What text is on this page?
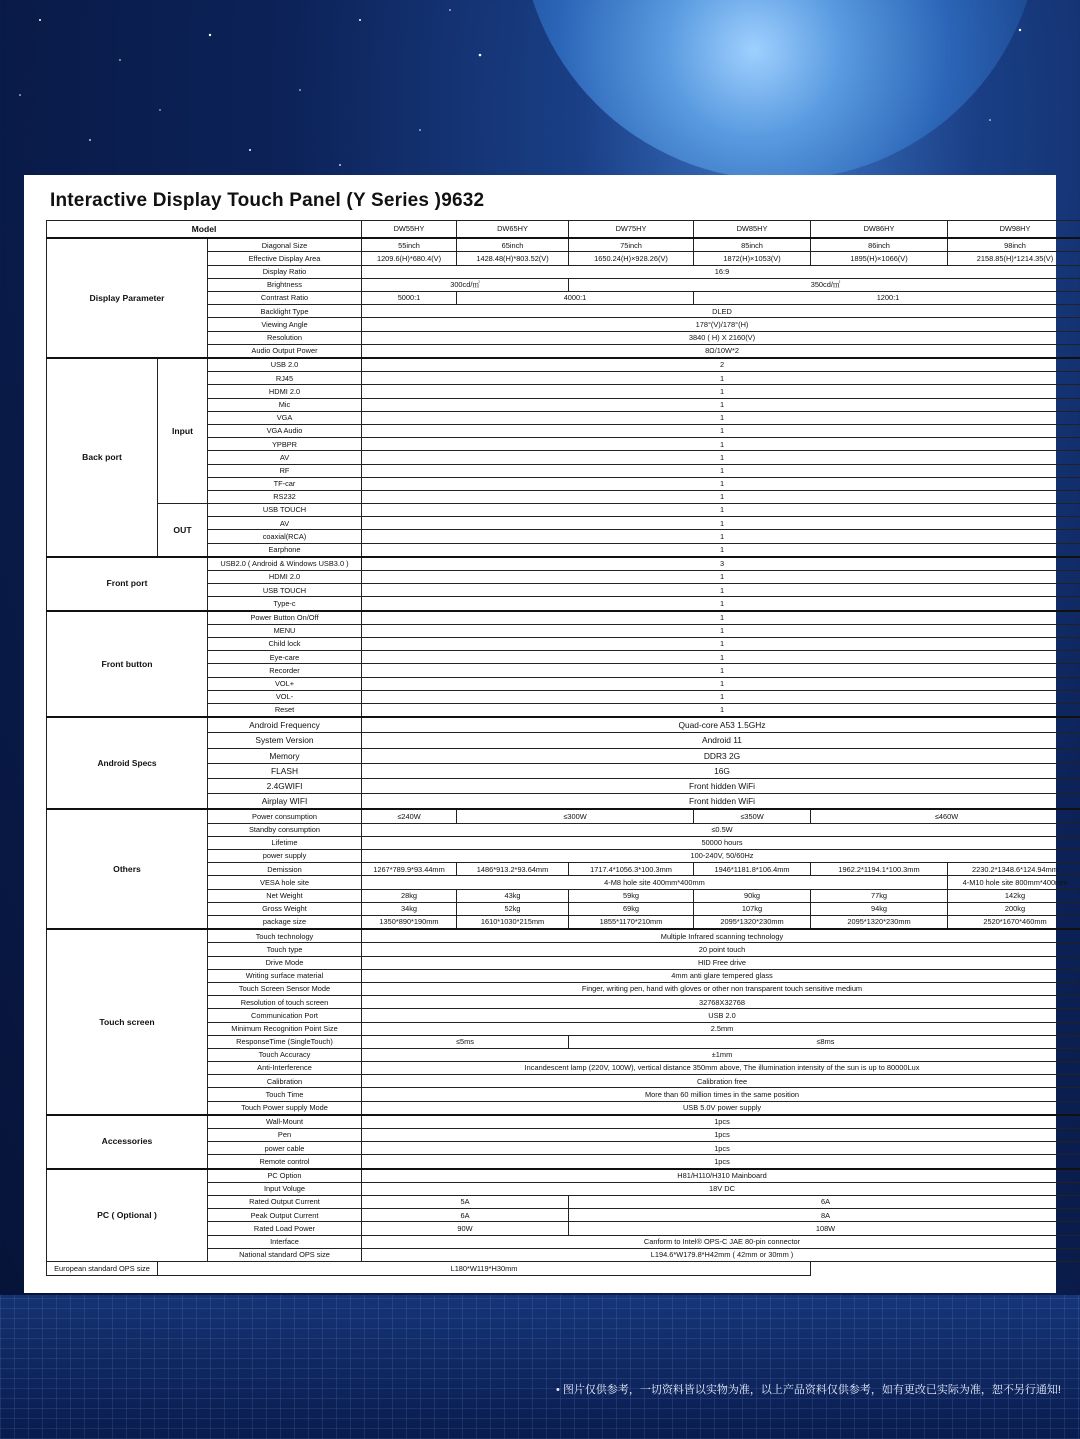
Interactive Display Touch Panel (Y Series )9632
Model			DW55HY	DW65HY	DW75HY	DW85HY	DW86HY	DW98HY
Display Parameter		Diagonal Size	55inch	65inch	75inch	85inch	86inch	98inch
		Effective Display Area	1209.6(H)*680.4(V)	1428.48(H)*803.52(V)	1650.24(H)×928.26(V)	1872(H)×1053(V)	1895(H)×1066(V)	2158.85(H)*1214.35(V)
		Display Ratio	16:9					
		Brightness	300cd/㎡		350cd/㎡			
		Contrast Ratio	5000:1	4000:1		1200:1		
		Backlight Type	DLED					
		Viewing Angle	178°(V)/178°(H)					
		Resolution	3840 ( H) X 2160(V)					
		Audio Output Power	8Ω/10W*2					
Back port	Input	USB 2.0	2					
		RJ45	1					
		HDMI 2.0	1					
		Mic	1					
		VGA	1					
		VGA Audio	1					
		YPBPR	1					
		AV	1					
		RF	1					
		TF-car	1					
		RS232	1					
	OUT	USB TOUCH	1					
		AV	1					
		coaxial(RCA)	1					
		Earphone	1					
Front port		USB2.0 ( Android & Windows USB3.0 )	3					
		HDMI 2.0	1					
		USB TOUCH	1					
		Type-c	1					
Front button		Power Button On/Off	1					
		MENU	1					
		Child lock	1					
		Eye-care	1					
		Recorder	1					
		VOL+	1					
		VOL-	1					
		Reset	1					
Android Specs		Android Frequency	Quad-core A53 1.5GHz					
		System Version	Android 11					
		Memory	DDR3 2G					
		FLASH	16G					
		2.4GWIFI	Front hidden WiFi					
		Airplay WIFI	Front hidden WiFi					
Others		Power consumption	≤240W	≤300W		≤350W	≤460W	
		Standby consumption	≤0.5W					
		Lifetime	50000 hours					
		power supply	100-240V, 50/60Hz					
		Demission	1267*789.9*93.44mm	1486*913.2*93.64mm	1717.4*1056.3*100.3mm	1946*1181.8*106.4mm	1962.2*1194.1*100.3mm	2230.2*1348.6*124.94mm
		VESA hole site	4-M8 hole site 400mm*400mm					4-M10 hole site 800mm*400mm
		Net Weight	28kg	43kg	59kg	90kg	77kg	142kg
		Gross Weight	34kg	52kg	69kg	107kg	94kg	200kg
		package size	1350*890*190mm	1610*1030*215mm	1855*1170*210mm	2095*1320*230mm	2095*1320*230mm	2520*1670*460mm
Touch screen		Touch technology	Multiple Infrared scanning technology					
		Touch type	20 point touch					
		Drive Mode	HID Free drive					
		Writing surface material	4mm anti glare tempered glass					
		Touch Screen Sensor Mode	Finger, writing pen, hand with gloves or other non transparent touch sensitive medium					
		Resolution of touch screen	32768X32768					
		Communication Port	USB 2.0					
		Minimum Recognition Point Size	2.5mm					
		ResponseTime (SingleTouch)	≤5ms		≤8ms			
		Touch Accuracy	±1mm					
		Anti-Interference	Incandescent lamp (220V, 100W), vertical distance 350mm above, The illumination intensity of the sun is up to 80000Lux					
		Calibration	Calibration free					
		Touch Time	More than 60 million times in the same position					
		Touch Power supply Mode	USB 5.0V power supply					
Accessories		Wall-Mount	1pcs					
		Pen	1pcs					
		power cable	1pcs					
		Remote control	1pcs					
PC ( Optional )		PC Option	H81/H110/H310 Mainboard					
		Input Voluge	18V DC					
		Rated Output Current	5A		6A			
		Peak Output Current	6A		8A			
		Rated Load Power	90W		108W			
		Interface	Canform to Intel® OPS-C JAE 80-pin connector					
		National standard OPS size	L194.6*W179.8*H42mm ( 42mm or 30mm )					
European standard OPS size	L180*W119*H30mm							
• 图片仅供参考，一切资料皆以实物为准，以上产品资料仅供参考，如有更改已实际为准，恕不另行通知!
